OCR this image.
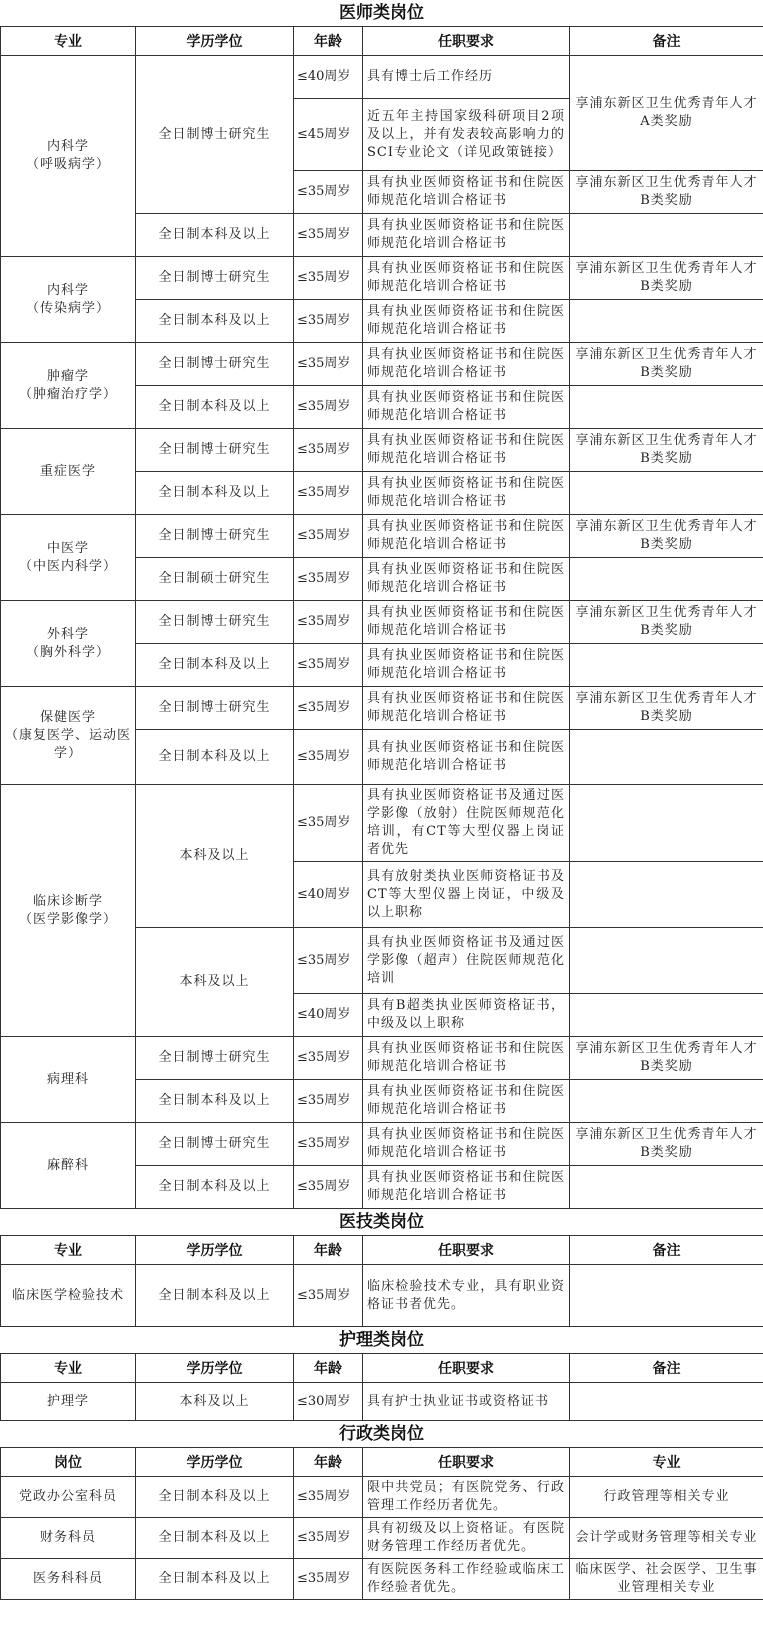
医师类岗位
专业	学历学位	年龄	任职要求	备注
内科学
（呼吸病学）	全日制博士研究生	≤40周岁	具有博士后工作经历	享浦东新区卫生优秀青年人才A类奖励
		≤45周岁	近五年主持国家级科研项目2项及以上，并有发表较高影响力的SCI专业论文（详见政策链接）	
		≤35周岁	具有执业医师资格证书和住院医师规范化培训合格证书	享浦东新区卫生优秀青年人才B类奖励
	全日制本科及以上	≤35周岁	具有执业医师资格证书和住院医师规范化培训合格证书	
内科学
（传染病学）	全日制博士研究生	≤35周岁	具有执业医师资格证书和住院医师规范化培训合格证书	享浦东新区卫生优秀青年人才B类奖励
	全日制本科及以上	≤35周岁	具有执业医师资格证书和住院医师规范化培训合格证书	
肿瘤学
（肿瘤治疗学）	全日制博士研究生	≤35周岁	具有执业医师资格证书和住院医师规范化培训合格证书	享浦东新区卫生优秀青年人才B类奖励
	全日制本科及以上	≤35周岁	具有执业医师资格证书和住院医师规范化培训合格证书	
重症医学	全日制博士研究生	≤35周岁	具有执业医师资格证书和住院医师规范化培训合格证书	享浦东新区卫生优秀青年人才B类奖励
	全日制本科及以上	≤35周岁	具有执业医师资格证书和住院医师规范化培训合格证书	
中医学
（中医内科学）	全日制博士研究生	≤35周岁	具有执业医师资格证书和住院医师规范化培训合格证书	享浦东新区卫生优秀青年人才B类奖励
	全日制硕士研究生	≤35周岁	具有执业医师资格证书和住院医师规范化培训合格证书	
外科学
（胸外科学）	全日制博士研究生	≤35周岁	具有执业医师资格证书和住院医师规范化培训合格证书	享浦东新区卫生优秀青年人才B类奖励
	全日制本科及以上	≤35周岁	具有执业医师资格证书和住院医师规范化培训合格证书	
保健医学
（康复医学、运动医学）	全日制博士研究生	≤35周岁	具有执业医师资格证书和住院医师规范化培训合格证书	享浦东新区卫生优秀青年人才B类奖励
	全日制本科及以上	≤35周岁	具有执业医师资格证书和住院医师规范化培训合格证书	
临床诊断学
（医学影像学）	本科及以上	≤35周岁	具有执业医师资格证书及通过医学影像（放射）住院医师规范化培训，有CT等大型仪器上岗证者优先	
		≤40周岁	具有放射类执业医师资格证书及CT等大型仪器上岗证，中级及以上职称	
	本科及以上	≤35周岁	具有执业医师资格证书及通过医学影像（超声）住院医师规范化培训	
		≤40周岁	具有B超类执业医师资格证书，中级及以上职称	
病理科	全日制博士研究生	≤35周岁	具有执业医师资格证书和住院医师规范化培训合格证书	享浦东新区卫生优秀青年人才B类奖励
	全日制本科及以上	≤35周岁	具有执业医师资格证书和住院医师规范化培训合格证书	
麻醉科	全日制博士研究生	≤35周岁	具有执业医师资格证书和住院医师规范化培训合格证书	享浦东新区卫生优秀青年人才B类奖励
	全日制本科及以上	≤35周岁	具有执业医师资格证书和住院医师规范化培训合格证书	
医技类岗位
专业	学历学位	年龄	任职要求	备注
临床医学检验技术	全日制本科及以上	≤35周岁	临床检验技术专业，具有职业资格证书者优先。	
护理类岗位
专业	学历学位	年龄	任职要求	备注
护理学	本科及以上	≤30周岁	具有护士执业证书或资格证书	
行政类岗位
岗位	学历学位	年龄	任职要求	专业
党政办公室科员	全日制本科及以上	≤35周岁	限中共党员；有医院党务、行政管理工作经历者优先。	行政管理等相关专业
财务科员	全日制本科及以上	≤35周岁	具有初级及以上资格证。有医院财务管理工作经历者优先。	会计学或财务管理等相关专业
医务科科员	全日制本科及以上	≤35周岁	有医院医务科工作经验或临床工作经验者优先。	临床医学、社会医学、卫生事业管理相关专业
